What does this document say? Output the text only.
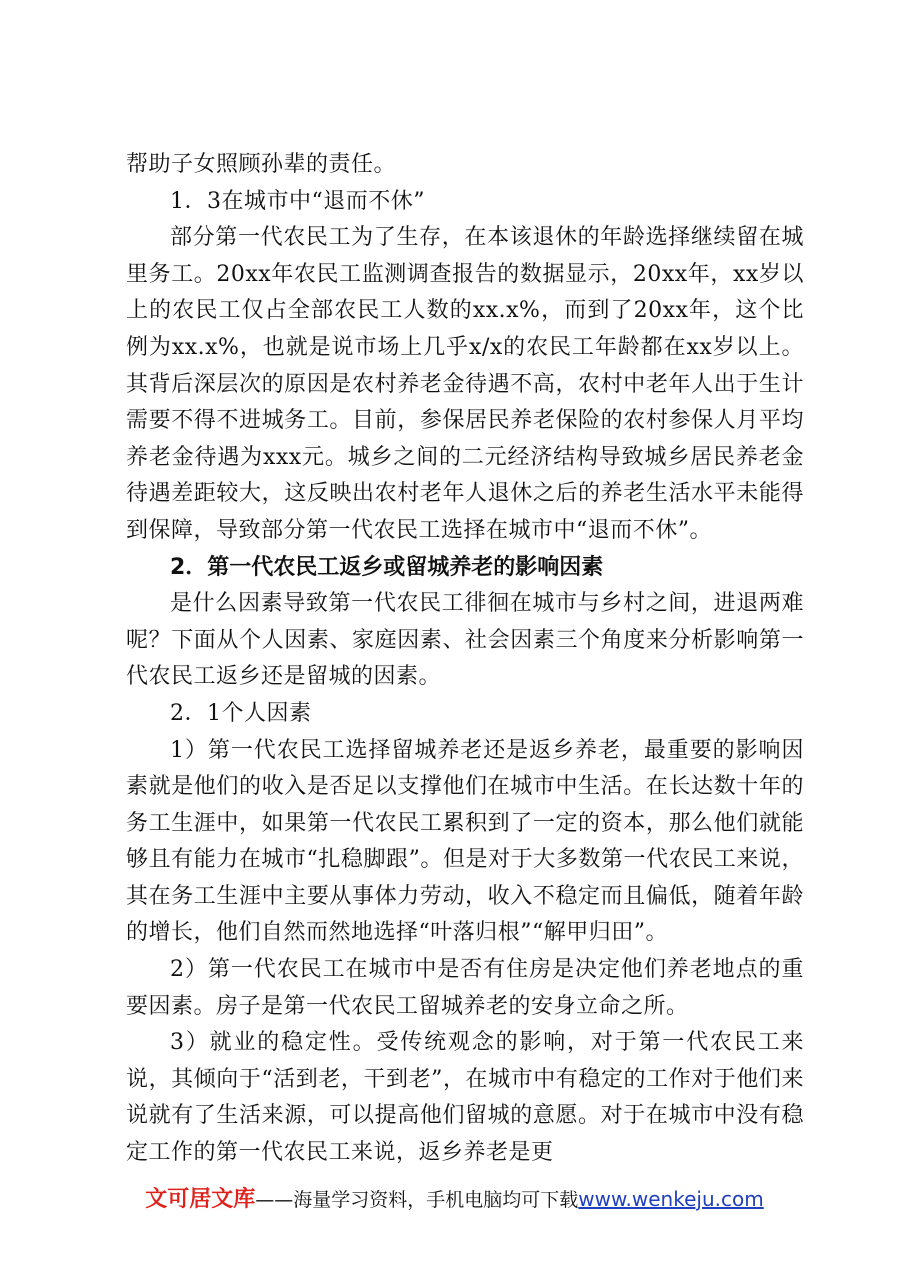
帮助子女照顾孙辈的责任。

1．3在城市中“退而不休”

部分第一代农民工为了生存，在本该退休的年龄选择继续留在城里务工。20xx年农民工监测调查报告的数据显示，20xx年，xx岁以上的农民工仅占全部农民工人数的xx.x%，而到了20xx年，这个比例为xx.x%，也就是说市场上几乎x/x的农民工年龄都在xx岁以上。其背后深层次的原因是农村养老金待遇不高，农村中老年人出于生计需要不得不进城务工。目前，参保居民养老保险的农村参保人月平均养老金待遇为xxx元。城乡之间的二元经济结构导致城乡居民养老金待遇差距较大，这反映出农村老年人退休之后的养老生活水平未能得到保障，导致部分第一代农民工选择在城市中“退而不休”。

2．第一代农民工返乡或留城养老的影响因素

是什么因素导致第一代农民工徘徊在城市与乡村之间，进退两难呢？下面从个人因素、家庭因素、社会因素三个角度来分析影响第一代农民工返乡还是留城的因素。

2．1个人因素

1）第一代农民工选择留城养老还是返乡养老，最重要的影响因素就是他们的收入是否足以支撑他们在城市中生活。在长达数十年的务工生涯中，如果第一代农民工累积到了一定的资本，那么他们就能够且有能力在城市“扎稳脚跟”。但是对于大多数第一代农民工来说，其在务工生涯中主要从事体力劳动，收入不稳定而且偏低，随着年龄的增长，他们自然而然地选择“叶落归根”“解甲归田”。

2）第一代农民工在城市中是否有住房是决定他们养老地点的重要因素。房子是第一代农民工留城养老的安身立命之所。

3）就业的稳定性。受传统观念的影响，对于第一代农民工来说，其倾向于“活到老，干到老”，在城市中有稳定的工作对于他们来说就有了生活来源，可以提高他们留城的意愿。对于在城市中没有稳定工作的第一代农民工来说，返乡养老是更

文可居文库——海量学习资料，手机电脑均可下载www.wenkeju.com
